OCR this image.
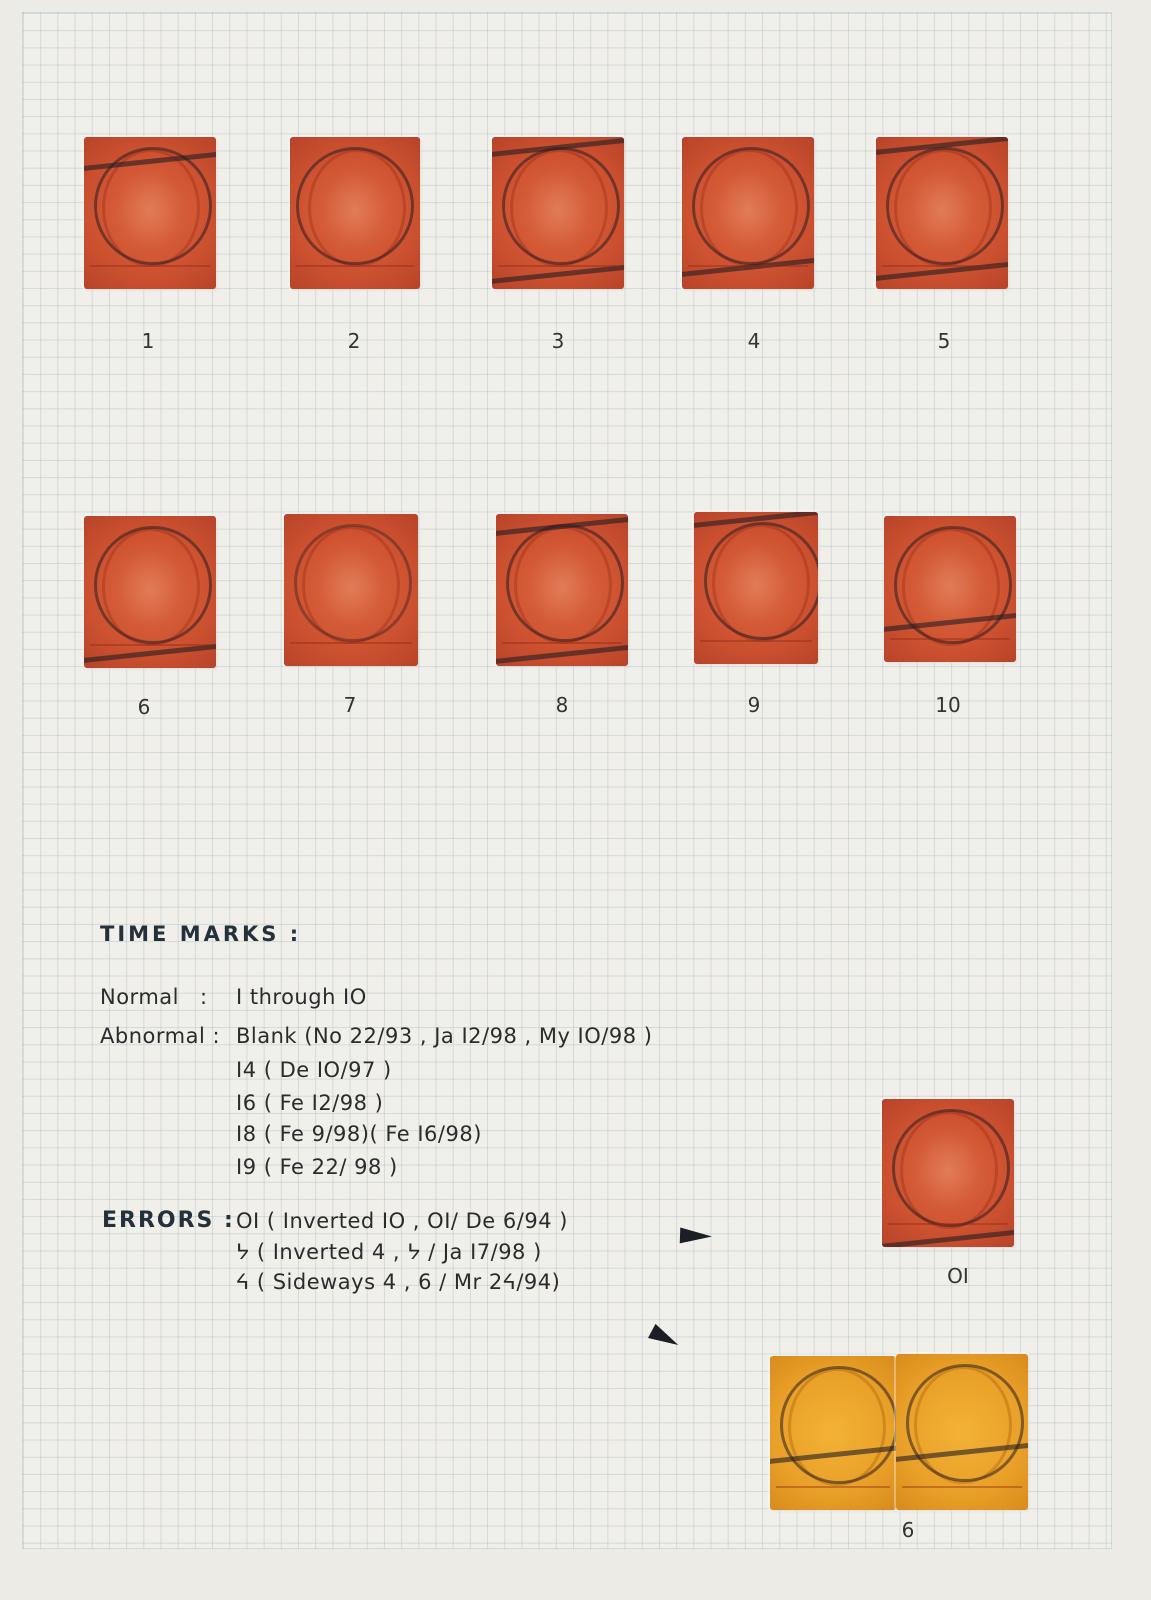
1	2	3	4	5
6	7	8	9	10
TIME MARKS :
Normal : I through IO
Abnormal : Blank (No 22/93 , Ja I2/98 , My IO/98 )
I4 ( De IO/97 )
I6 ( Fe I2/98 )
I8 ( Fe 9/98)( Fe I6/98)
I9 ( Fe 22/ 98 )
ERRORS : OI ( Inverted IO , OI/ De 6/94 )
ᔭ ( Inverted 4 , ᔭ / Ja I7/98 )
ᔦ ( Sideways 4 , 6 / Mr 2ᔦ/94)	OI
6
